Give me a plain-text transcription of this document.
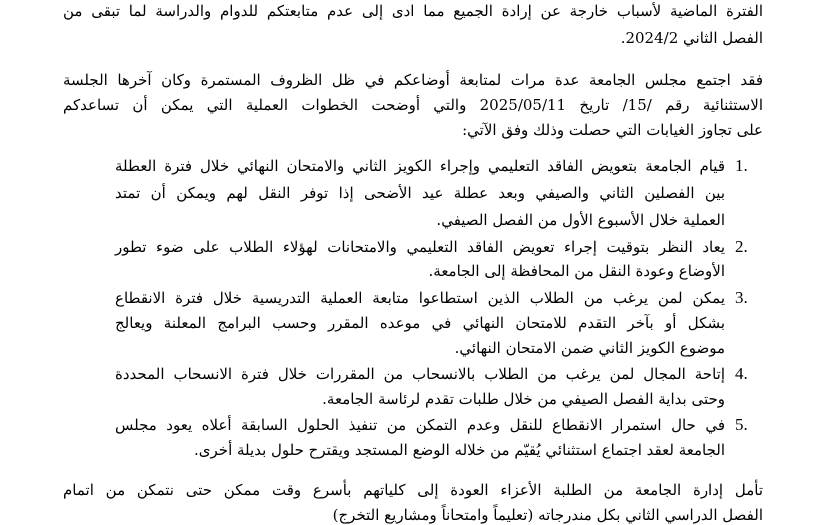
الفترة الماضية لأسباب خارجة عن إرادة الجميع مما ادى إلى عدم متابعتكم للدوام والدراسة لما تبقى من

الفصل الثاني 2024/2.

فقد اجتمع مجلس الجامعة عدة مرات لمتابعة أوضاعكم في ظل الظروف المستمرة وكان آخرها الجلسة

الاستثنائية رقم /15/ تاريخ 2025/05/11 والتي أوضحت الخطوات العملية التي يمكن أن تساعدكم

على تجاوز الغيابات التي حصلت وذلك وفق الآتي:

1.

قيام الجامعة بتعويض الفاقد التعليمي وإجراء الكويز الثاني والامتحان النهائي خلال فترة العطلة

بين الفصلين الثاني والصيفي وبعد عطلة عيد الأضحى إذا توفر النقل لهم ويمكن أن تمتد

العملية خلال الأسبوع الأول من الفصل الصيفي.

2.

يعاد النظر بتوقيت إجراء تعويض الفاقد التعليمي والامتحانات لهؤلاء الطلاب على ضوء تطور

الأوضاع وعودة النقل من المحافظة إلى الجامعة.

3.

يمكن لمن يرغب من الطلاب الذين استطاعوا متابعة العملية التدريسية خلال فترة الانقطاع

بشكل أو بآخر التقدم للامتحان النهائي في موعده المقرر وحسب البرامج المعلنة ويعالج

موضوع الكويز الثاني ضمن الامتحان النهائي.

4.

إتاحة المجال لمن يرغب من الطلاب بالانسحاب من المقررات خلال فترة الانسحاب المحددة

وحتى بداية الفصل الصيفي من خلال طلبات تقدم لرئاسة الجامعة.

5.

في حال استمرار الانقطاع للنقل وعدم التمكن من تنفيذ الحلول السابقة أعلاه يعود مجلس

الجامعة لعقد اجتماع استثنائي يُقيّم من خلاله الوضع المستجد ويقترح حلول بديلة أخرى.

تأمل إدارة الجامعة من الطلبة الأعزاء العودة إلى كلياتهم بأسرع وقت ممكن حتى نتمكن من اتمام

الفصل الدراسي الثاني بكل مندرجاته (تعليماً وامتحاناً ومشاريع التخرج)
